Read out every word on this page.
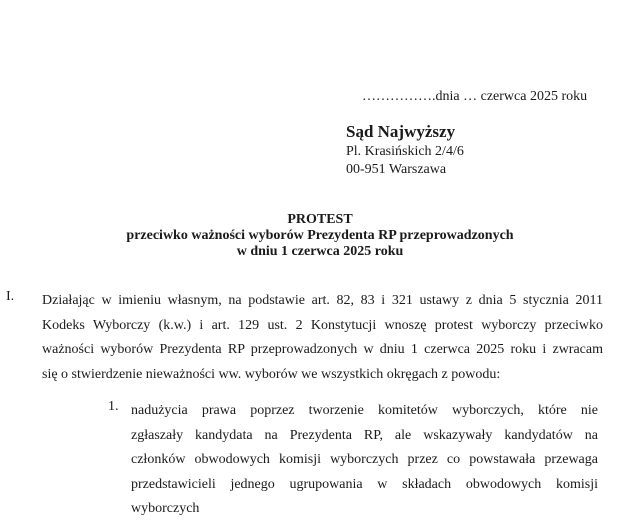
…………….dnia … czerwca 2025 roku
Sąd Najwyższy
Pl. Krasińskich 2/4/6
00-951 Warszawa
PROTEST
przeciwko ważności wyborów Prezydenta RP przeprowadzonych
w dniu 1 czerwca 2025 roku
I. Działając w imieniu własnym, na podstawie art. 82, 83 i 321 ustawy z dnia 5 stycznia 2011
Kodeks Wyborczy (k.w.) i art. 129 ust. 2 Konstytucji wnoszę protest wyborczy przeciwko
ważności wyborów Prezydenta RP przeprowadzonych w dniu 1 czerwca 2025 roku i zwracam
się o stwierdzenie nieważności ww. wyborów we wszystkich okręgach z powodu:
1. nadużycia prawa poprzez tworzenie komitetów wyborczych, które nie
zgłaszały kandydata na Prezydenta RP, ale wskazywały kandydatów na
członków obwodowych komisji wyborczych przez co powstawała przewaga
przedstawicieli jednego ugrupowania w składach obwodowych komisji wyborczych
